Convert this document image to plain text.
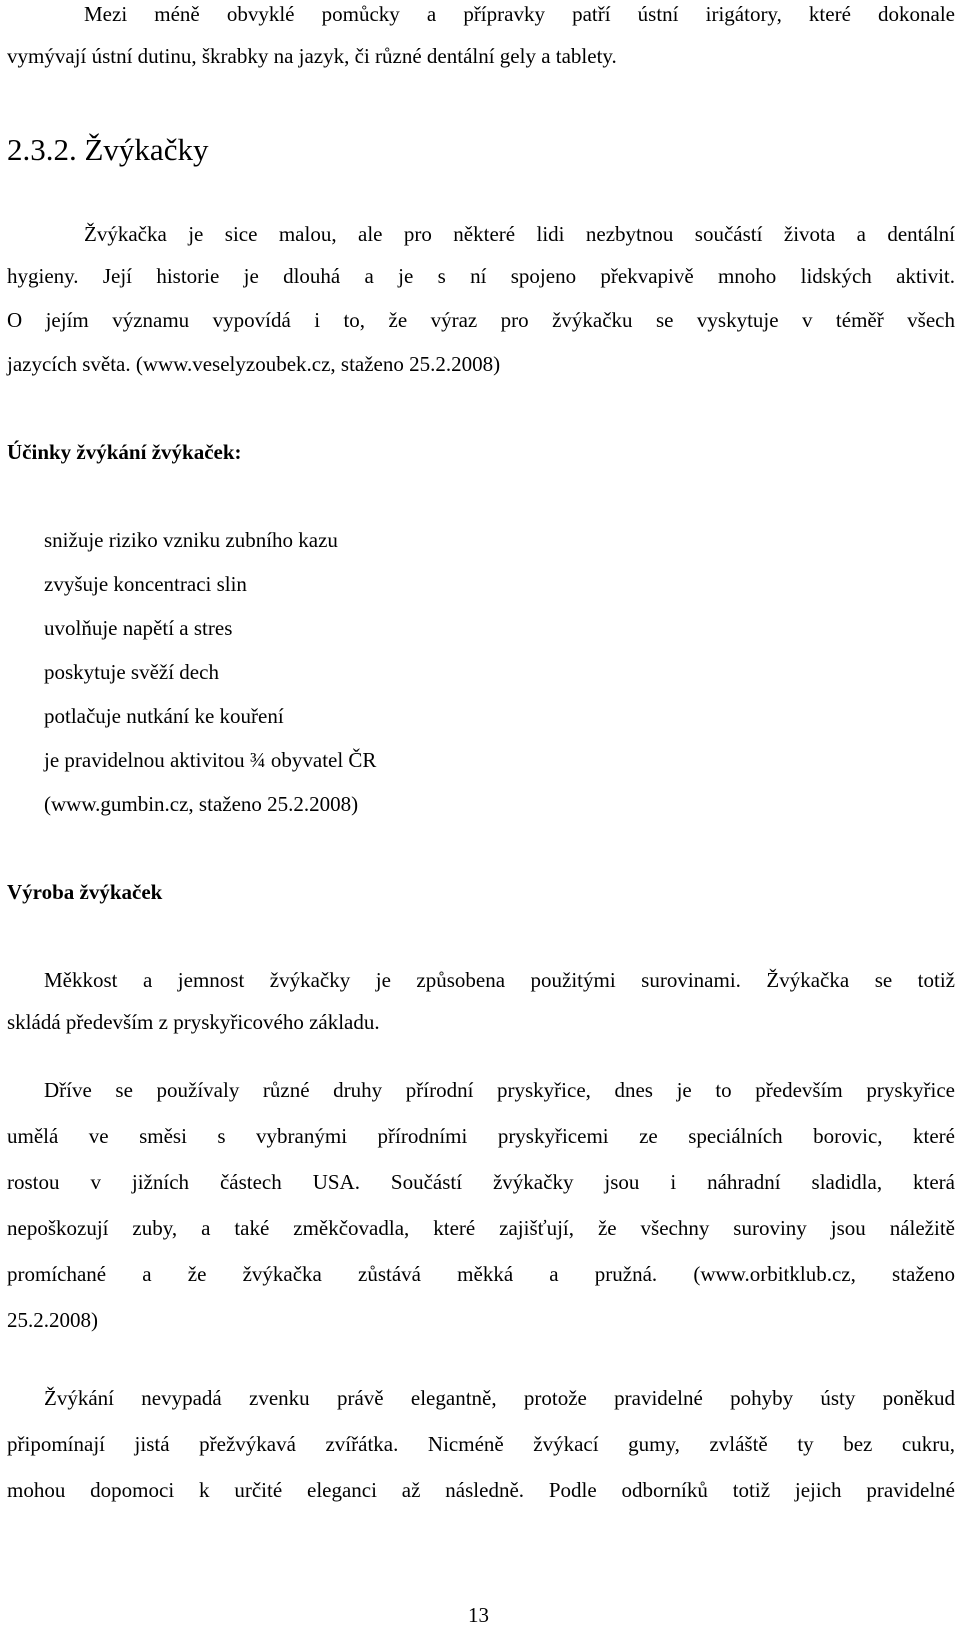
Mezi méně obvyklé pomůcky a přípravky patří ústní irigátory, které dokonale
vymývají ústní dutinu, škrabky na jazyk, či různé dentální gely a tablety.
2.3.2. Žvýkačky
Žvýkačka je sice malou, ale pro některé lidi nezbytnou součástí života a dentální
hygieny. Její historie je dlouhá a je s ní spojeno překvapivě mnoho lidských aktivit.
O jejím významu vypovídá i to, že výraz pro žvýkačku se vyskytuje v téměř všech
jazycích světa. (www.veselyzoubek.cz, staženo 25.2.2008)
Účinky žvýkání žvýkaček:
snižuje riziko vzniku zubního kazu
zvyšuje koncentraci slin
uvolňuje napětí a stres
poskytuje svěží dech
potlačuje nutkání ke kouření
je pravidelnou aktivitou ¾ obyvatel ČR
(www.gumbin.cz, staženo 25.2.2008)
Výroba žvýkaček
Měkkost a jemnost žvýkačky je způsobena použitými surovinami. Žvýkačka se totiž
skládá především z pryskyřicového základu.
Dříve se používaly různé druhy přírodní pryskyřice, dnes je to především pryskyřice
umělá ve směsi s vybranými přírodními pryskyřicemi ze speciálních borovic, které
rostou v jižních částech USA. Součástí žvýkačky jsou i náhradní sladidla, která
nepoškozují zuby, a také změkčovadla, které zajišťují, že všechny suroviny jsou náležitě
promíchané a že žvýkačka zůstává měkká a pružná. (www.orbitklub.cz, staženo
25.2.2008)
Žvýkání nevypadá zvenku právě elegantně, protože pravidelné pohyby ústy poněkud
připomínají jistá přežvýkavá zvířátka. Nicméně žvýkací gumy, zvláště ty bez cukru,
mohou dopomoci k určité eleganci až následně. Podle odborníků totiž jejich pravidelné
13
